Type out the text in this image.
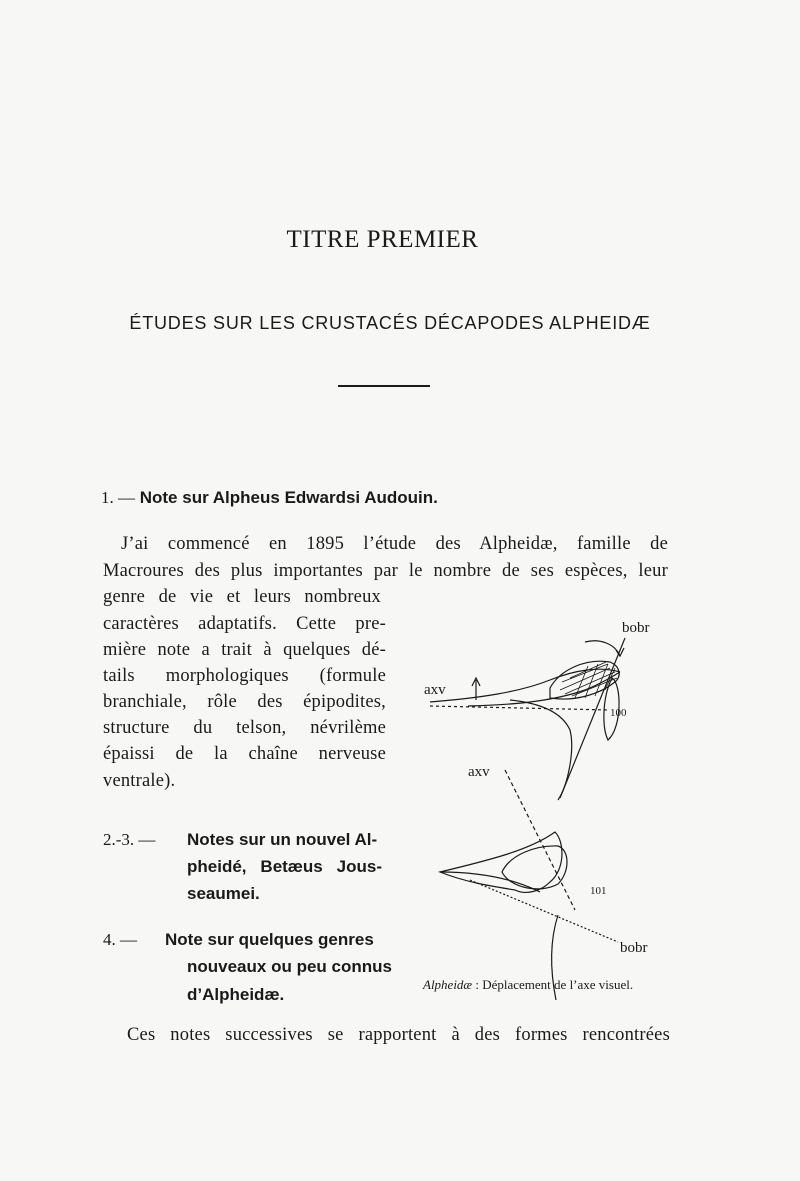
TITRE PREMIER
ÉTUDES SUR LES CRUSTACÉS DÉCAPODES ALPHEIDÆ
1. — Note sur Alpheus Edwardsi Audouin.
J’ai commencé en 1895 l’étude des Alpheidæ, famille de
Macroures des plus importantes par le nombre de ses espèces, leur
genre de vie et leurs nombreux
caractères adaptatifs. Cette pre-
mière note a trait à quelques dé-
tails morphologiques (formule
branchiale, rôle des épipodites,
structure du telson, névrilème
épaissi de la chaîne nerveuse
ventrale).
2.-3. — Notes sur un nouvel Al-
pheidé, Betæus Jous-
seaumei.
4. — Note sur quelques genres
nouveaux ou peu connus
d’Alpheidæ.
Ces notes successives se rapportent à des formes rencontrées
bobr
axv
100
axv
101
bobr
Alpheidæ : Déplacement de l’axe visuel.
